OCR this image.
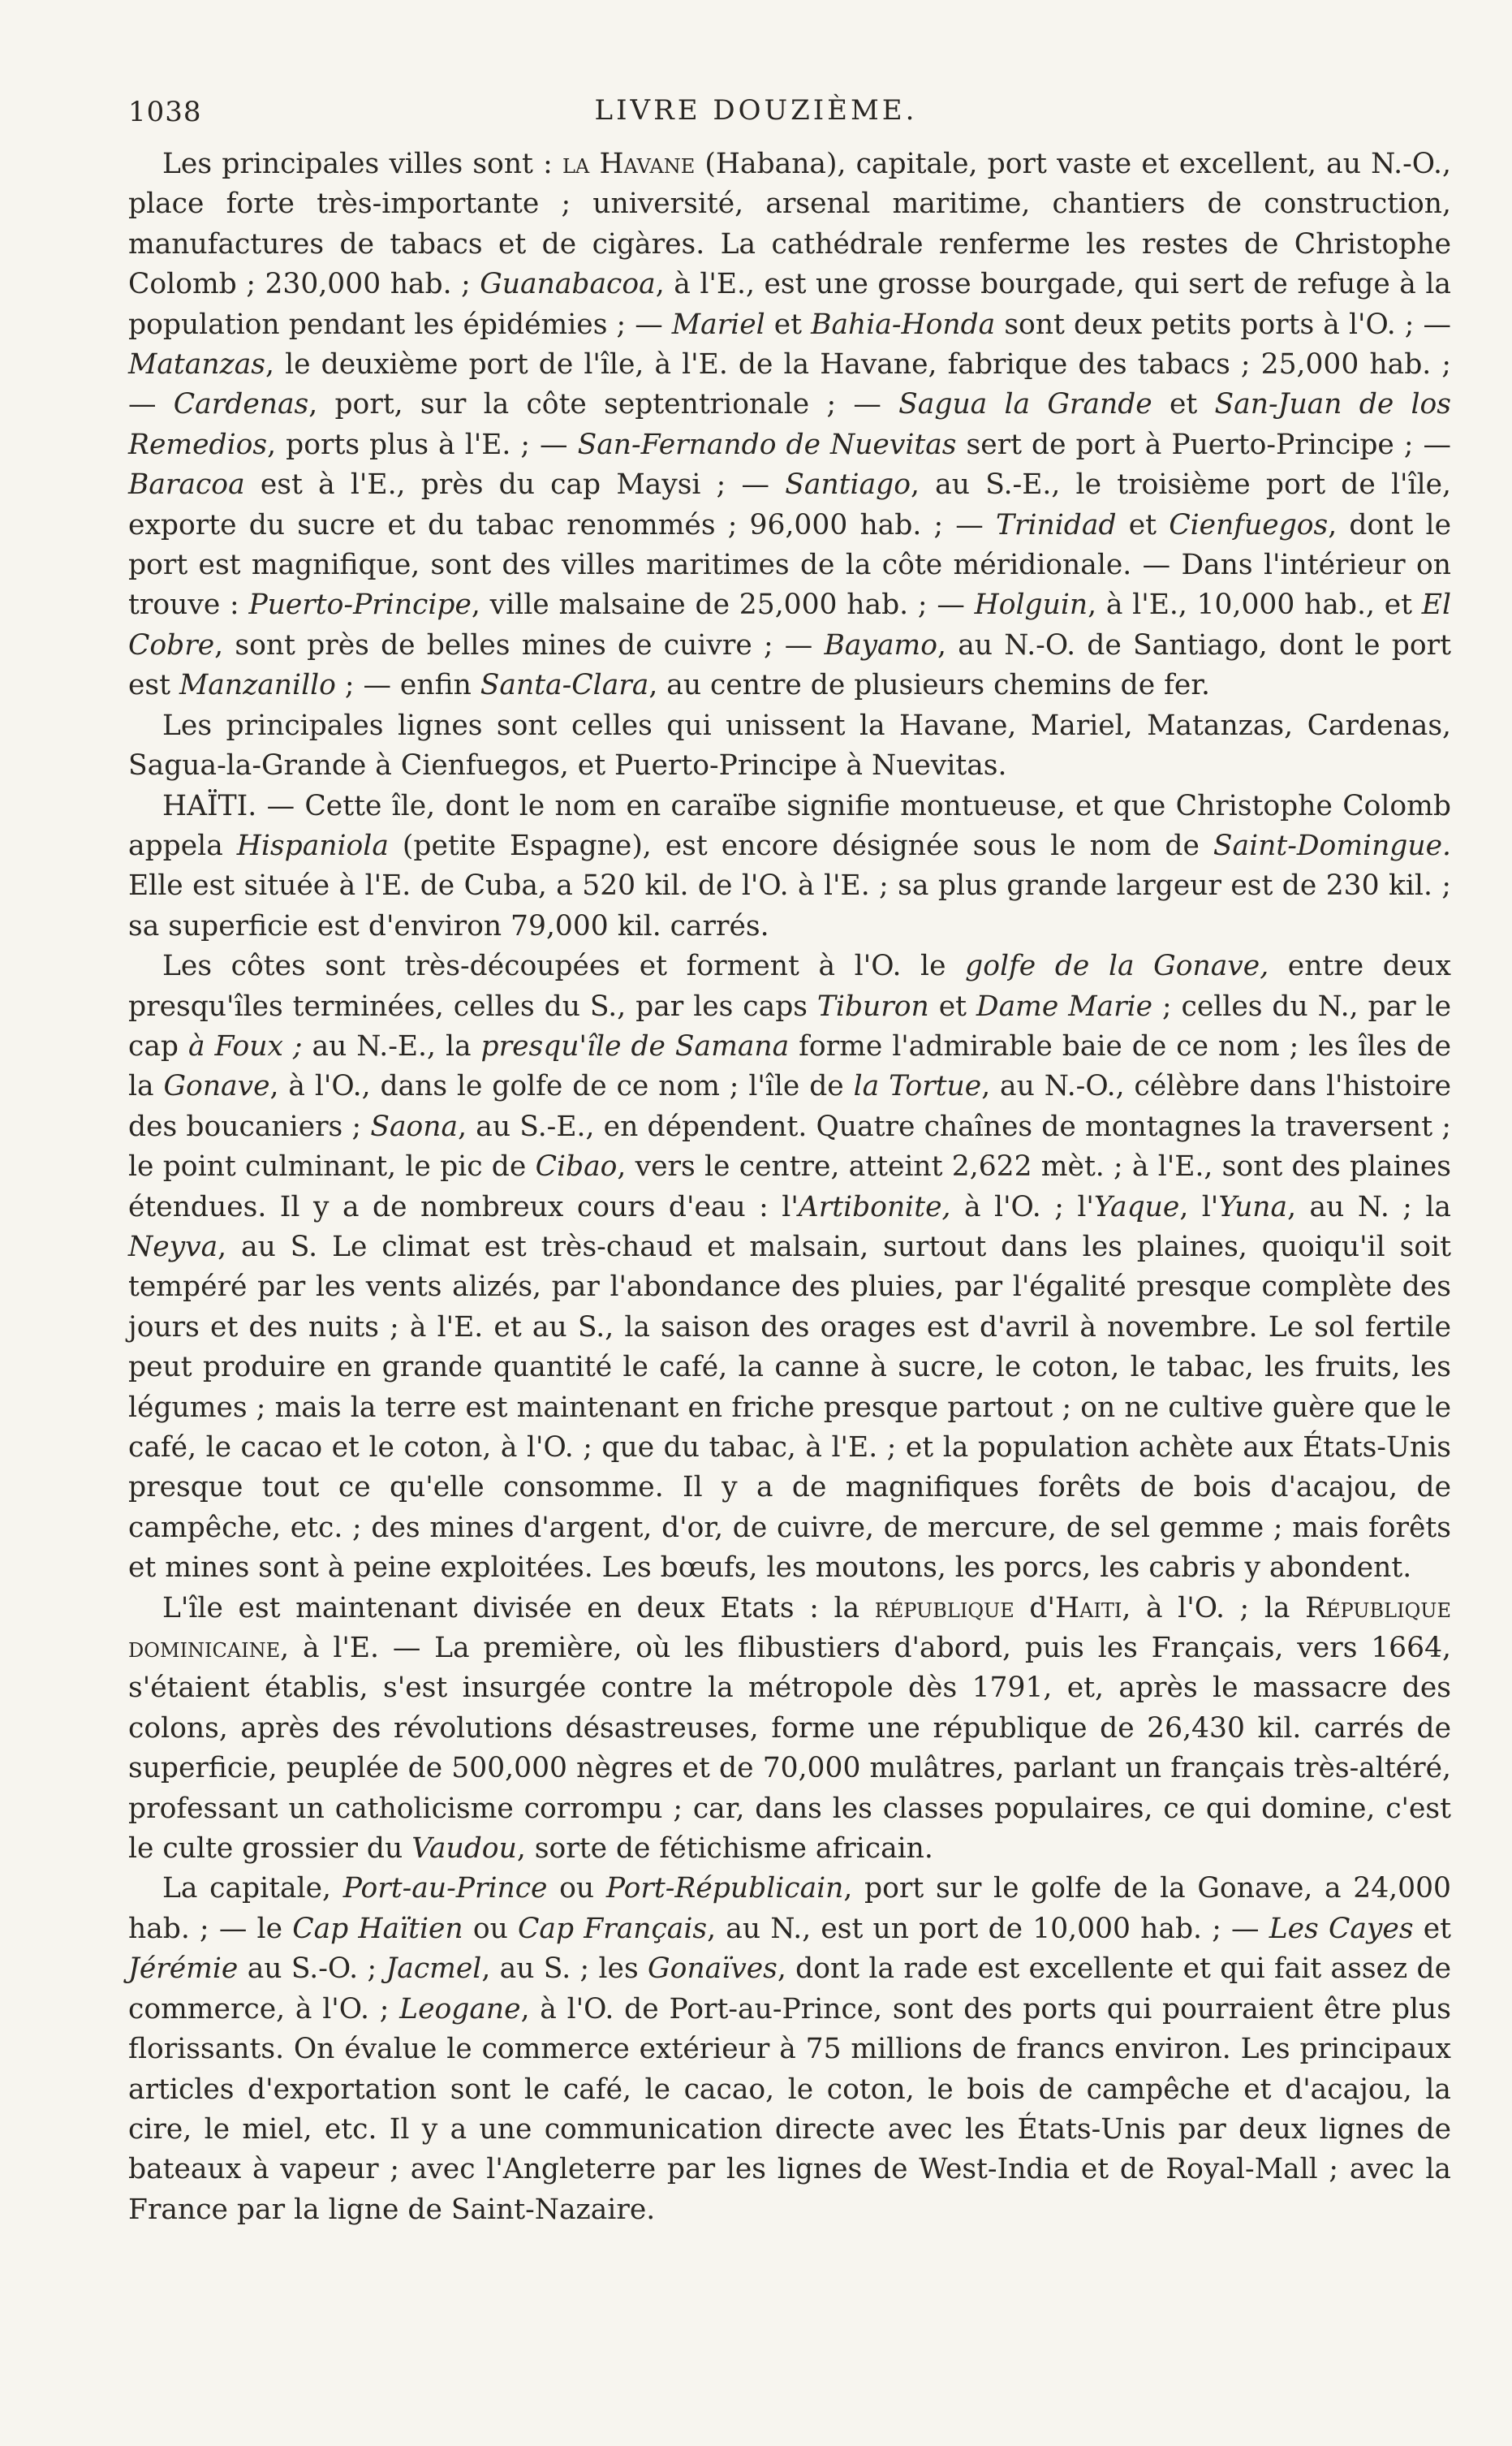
1038	LIVRE DOUZIÈME.

Les principales villes sont : la Havane (Habana), capitale, port vaste et excellent, au N.-O., place forte très-importante ; université, arsenal maritime, chantiers de construction, manufactures de tabacs et de cigàres. La cathédrale renferme les restes de Christophe Colomb ; 230,000 hab. ; Guanabacoa, à l'E., est une grosse bourgade, qui sert de refuge à la population pendant les épidémies ; — Mariel et Bahia-Honda sont deux petits ports à l'O. ; — Matanzas, le deuxième port de l'île, à l'E. de la Havane, fabrique des tabacs ; 25,000 hab. ; — Cardenas, port, sur la côte septentrionale ; — Sagua la Grande et San-Juan de los Remedios, ports plus à l'E. ; — San-Fernando de Nuevitas sert de port à Puerto-Principe ; — Baracoa est à l'E., près du cap Maysi ; — Santiago, au S.-E., le troisième port de l'île, exporte du sucre et du tabac renommés ; 96,000 hab. ; — Trinidad et Cienfuegos, dont le port est magnifique, sont des villes maritimes de la côte méridionale. — Dans l'intérieur on trouve : Puerto-Principe, ville malsaine de 25,000 hab. ; — Holguin, à l'E., 10,000 hab., et El Cobre, sont près de belles mines de cuivre ; — Bayamo, au N.-O. de Santiago, dont le port est Manzanillo ; — enfin Santa-Clara, au centre de plusieurs chemins de fer.

Les principales lignes sont celles qui unissent la Havane, Mariel, Matanzas, Cardenas, Sagua-la-Grande à Cienfuegos, et Puerto-Principe à Nuevitas.

HAÏTI. — Cette île, dont le nom en caraïbe signifie montueuse, et que Christophe Colomb appela Hispaniola (petite Espagne), est encore désignée sous le nom de Saint-Domingue. Elle est située à l'E. de Cuba, a 520 kil. de l'O. à l'E. ; sa plus grande largeur est de 230 kil. ; sa superficie est d'environ 79,000 kil. carrés.

Les côtes sont très-découpées et forment à l'O. le golfe de la Gonave, entre deux presqu'îles terminées, celles du S., par les caps Tiburon et Dame Marie ; celles du N., par le cap à Foux ; au N.-E., la presqu'île de Samana forme l'admirable baie de ce nom ; les îles de la Gonave, à l'O., dans le golfe de ce nom ; l'île de la Tortue, au N.-O., célèbre dans l'histoire des boucaniers ; Saona, au S.-E., en dépendent. Quatre chaînes de montagnes la traversent ; le point culminant, le pic de Cibao, vers le centre, atteint 2,622 mèt. ; à l'E., sont des plaines étendues. Il y a de nombreux cours d'eau : l'Artibonite, à l'O. ; l'Yaque, l'Yuna, au N. ; la Neyva, au S. Le climat est très-chaud et malsain, surtout dans les plaines, quoiqu'il soit tempéré par les vents alizés, par l'abondance des pluies, par l'égalité presque complète des jours et des nuits ; à l'E. et au S., la saison des orages est d'avril à novembre. Le sol fertile peut produire en grande quantité le café, la canne à sucre, le coton, le tabac, les fruits, les légumes ; mais la terre est maintenant en friche presque partout ; on ne cultive guère que le café, le cacao et le coton, à l'O. ; que du tabac, à l'E. ; et la population achète aux États-Unis presque tout ce qu'elle consomme. Il y a de magnifiques forêts de bois d'acajou, de campêche, etc. ; des mines d'argent, d'or, de cuivre, de mercure, de sel gemme ; mais forêts et mines sont à peine exploitées. Les bœufs, les moutons, les porcs, les cabris y abondent.

L'île est maintenant divisée en deux Etats : la république d'Haiti, à l'O. ; la République dominicaine, à l'E. — La première, où les flibustiers d'abord, puis les Français, vers 1664, s'étaient établis, s'est insurgée contre la métropole dès 1791, et, après le massacre des colons, après des révolutions désastreuses, forme une république de 26,430 kil. carrés de superficie, peuplée de 500,000 nègres et de 70,000 mulâtres, parlant un français très-altéré, professant un catholicisme corrompu ; car, dans les classes populaires, ce qui domine, c'est le culte grossier du Vaudou, sorte de fétichisme africain.

La capitale, Port-au-Prince ou Port-Républicain, port sur le golfe de la Gonave, a 24,000 hab. ; — le Cap Haïtien ou Cap Français, au N., est un port de 10,000 hab. ; — Les Cayes et Jérémie au S.-O. ; Jacmel, au S. ; les Gonaïves, dont la rade est excellente et qui fait assez de commerce, à l'O. ; Leogane, à l'O. de Port-au-Prince, sont des ports qui pourraient être plus florissants. On évalue le commerce extérieur à 75 millions de francs environ. Les principaux articles d'exportation sont le café, le cacao, le coton, le bois de campêche et d'acajou, la cire, le miel, etc. Il y a une communication directe avec les États-Unis par deux lignes de bateaux à vapeur ; avec l'Angleterre par les lignes de West-India et de Royal-Mall ; avec la France par la ligne de Saint-Nazaire.
